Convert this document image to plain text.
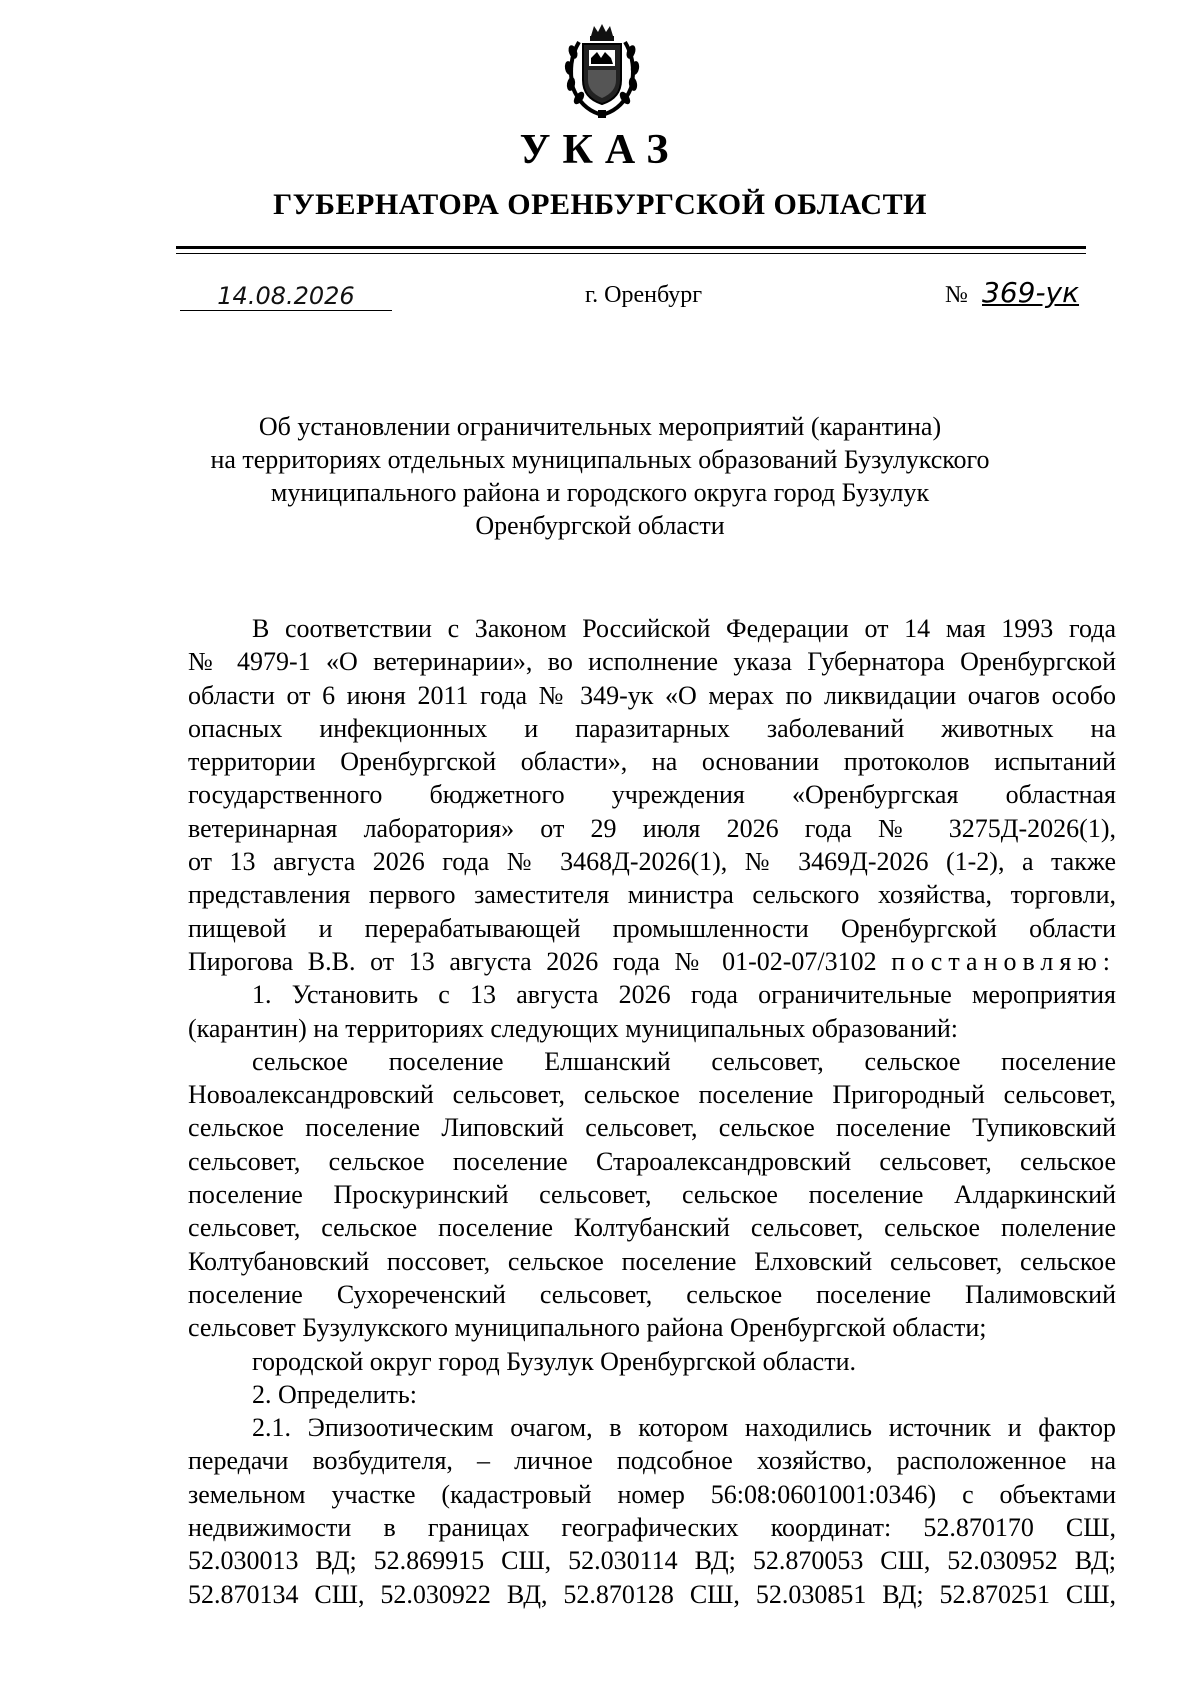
УКАЗ
ГУБЕРНАТОРА ОРЕНБУРГСКОЙ ОБЛАСТИ
14.08.2026	г. Оренбург	№ 369-ук
Об установлении ограничительных мероприятий (карантина)
на территориях отдельных муниципальных образований Бузулукского
муниципального района и городского округа город Бузулук
Оренбургской области
В соответствии с Законом Российской Федерации от 14 мая 1993 года
№ 4979-1 «О ветеринарии», во исполнение указа Губернатора Оренбургской
области от 6 июня 2011 года № 349-ук «О мерах по ликвидации очагов особо
опасных инфекционных и паразитарных заболеваний животных на
территории Оренбургской области», на основании протоколов испытаний
государственного бюджетного учреждения «Оренбургская областная
ветеринарная лаборатория» от 29 июля 2026 года № 3275Д-2026(1),
от 13 августа 2026 года № 3468Д-2026(1), № 3469Д-2026 (1-2), а также
представления первого заместителя министра сельского хозяйства, торговли,
пищевой и перерабатывающей промышленности Оренбургской области
Пирогова В.В. от 13 августа 2026 года № 01-02-07/3102 постановляю:
1. Установить с 13 августа 2026 года ограничительные мероприятия
(карантин) на территориях следующих муниципальных образований:
сельское поселение Елшанский сельсовет, сельское поселение
Новоалександровский сельсовет, сельское поселение Пригородный сельсовет,
сельское поселение Липовский сельсовет, сельское поселение Тупиковский
сельсовет, сельское поселение Староалександровский сельсовет, сельское
поселение Проскуринский сельсовет, сельское поселение Алдаркинский
сельсовет, сельское поселение Колтубанский сельсовет, сельское полеление
Колтубановский поссовет, сельское поселение Елховский сельсовет, сельское
поселение Сухореченский сельсовет, сельское поселение Палимовский
сельсовет Бузулукского муниципального района Оренбургской области;
городской округ город Бузулук Оренбургской области.
2. Определить:
2.1. Эпизоотическим очагом, в котором находились источник и фактор
передачи возбудителя, – личное подсобное хозяйство, расположенное на
земельном участке (кадастровый номер 56:08:0601001:0346) с объектами
недвижимости в границах географических координат: 52.870170 СШ,
52.030013 ВД; 52.869915 СШ, 52.030114 ВД; 52.870053 СШ, 52.030952 ВД;
52.870134 СШ, 52.030922 ВД, 52.870128 СШ, 52.030851 ВД; 52.870251 СШ,
